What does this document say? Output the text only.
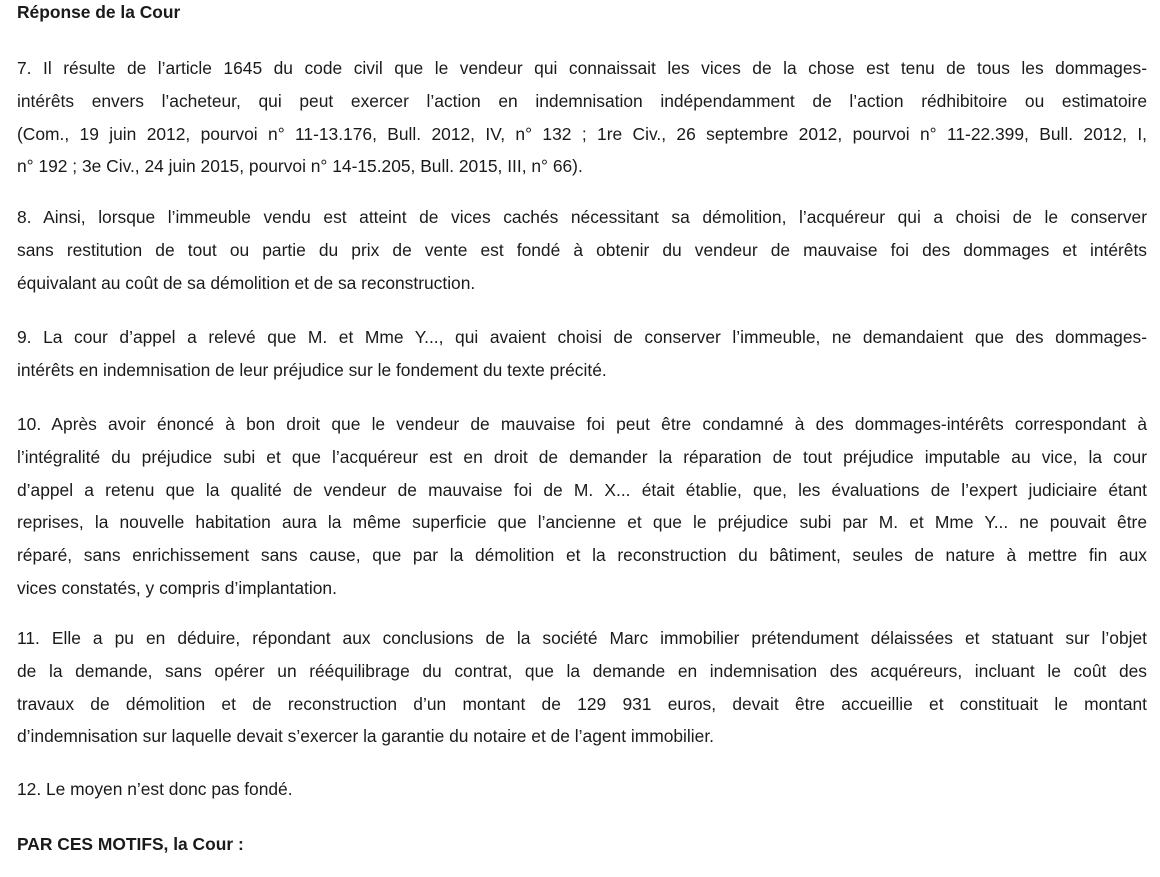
Réponse de la Cour
7. Il résulte de l’article 1645 du code civil que le vendeur qui connaissait les vices de la chose est tenu de tous les dommages-
intérêts envers l’acheteur, qui peut exercer l’action en indemnisation indépendamment de l’action rédhibitoire ou estimatoire
(Com., 19 juin 2012, pourvoi n° 11-13.176, Bull. 2012, IV, n° 132 ; 1re Civ., 26 septembre 2012, pourvoi n° 11-22.399, Bull. 2012, I,
n° 192 ; 3e Civ., 24 juin 2015, pourvoi n° 14-15.205, Bull. 2015, III, n° 66).
8. Ainsi, lorsque l’immeuble vendu est atteint de vices cachés nécessitant sa démolition, l’acquéreur qui a choisi de le conserver
sans restitution de tout ou partie du prix de vente est fondé à obtenir du vendeur de mauvaise foi des dommages et intérêts
équivalant au coût de sa démolition et de sa reconstruction.
9. La cour d’appel a relevé que M. et Mme Y..., qui avaient choisi de conserver l’immeuble, ne demandaient que des dommages-
intérêts en indemnisation de leur préjudice sur le fondement du texte précité.
10. Après avoir énoncé à bon droit que le vendeur de mauvaise foi peut être condamné à des dommages-intérêts correspondant à
l’intégralité du préjudice subi et que l’acquéreur est en droit de demander la réparation de tout préjudice imputable au vice, la cour
d’appel a retenu que la qualité de vendeur de mauvaise foi de M. X... était établie, que, les évaluations de l’expert judiciaire étant
reprises, la nouvelle habitation aura la même superficie que l’ancienne et que le préjudice subi par M. et Mme Y... ne pouvait être
réparé, sans enrichissement sans cause, que par la démolition et la reconstruction du bâtiment, seules de nature à mettre fin aux
vices constatés, y compris d’implantation.
11. Elle a pu en déduire, répondant aux conclusions de la société Marc immobilier prétendument délaissées et statuant sur l’objet
de la demande, sans opérer un rééquilibrage du contrat, que la demande en indemnisation des acquéreurs, incluant le coût des
travaux de démolition et de reconstruction d’un montant de 129 931 euros, devait être accueillie et constituait le montant
d’indemnisation sur laquelle devait s’exercer la garantie du notaire et de l’agent immobilier.
12. Le moyen n’est donc pas fondé.
PAR CES MOTIFS, la Cour :
